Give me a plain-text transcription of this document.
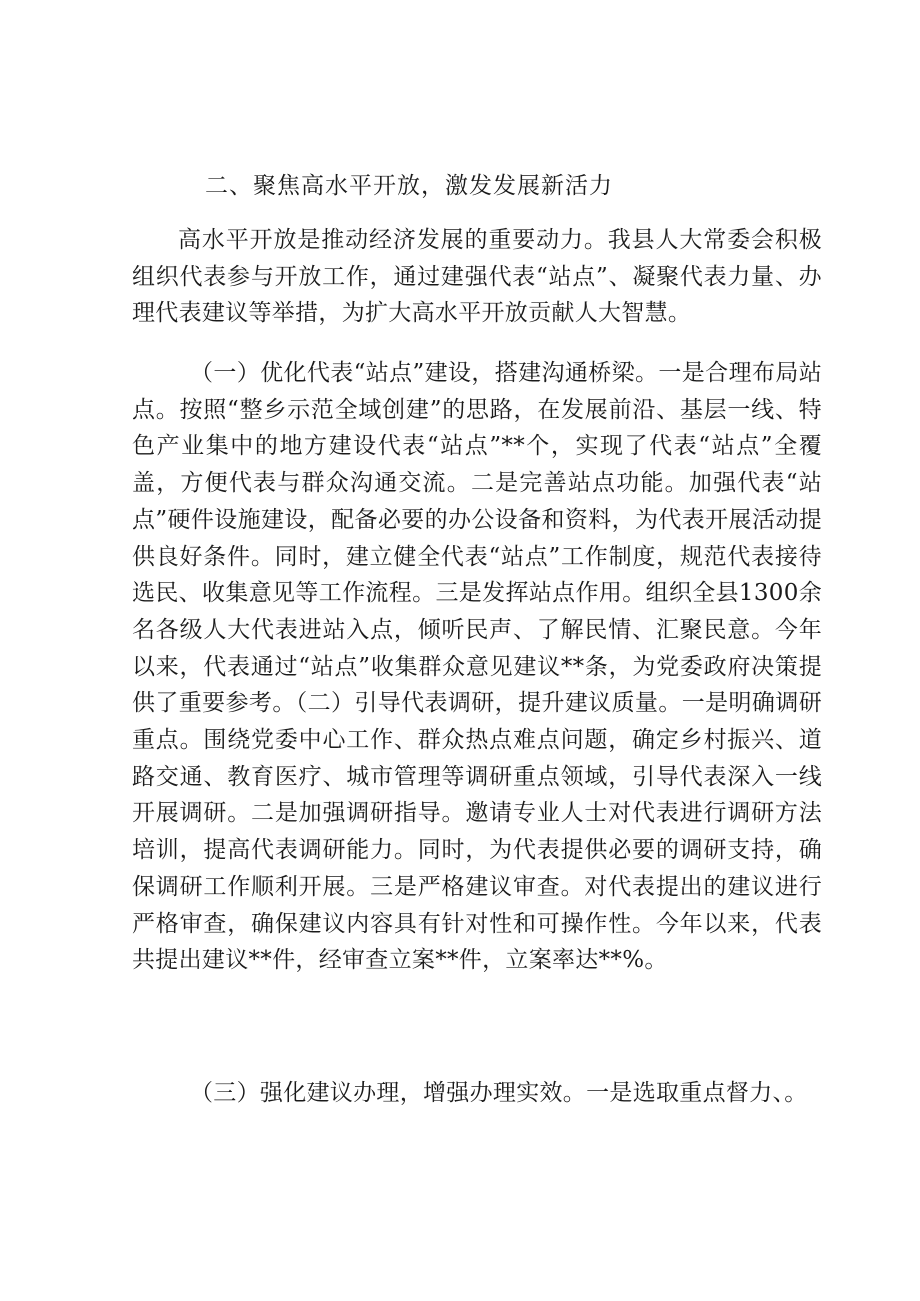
二、聚焦高水平开放，激发发展新活力

高水平开放是推动经济发展的重要动力。我县人大常委会积极组织代表参与开放工作，通过建强代表“站点”、凝聚代表力量、办理代表建议等举措，为扩大高水平开放贡献人大智慧。

（一）优化代表“站点”建设，搭建沟通桥梁。一是合理布局站点。按照“整乡示范全域创建”的思路，在发展前沿、基层一线、特色产业集中的地方建设代表“站点”**个，实现了代表“站点”全覆盖，方便代表与群众沟通交流。二是完善站点功能。加强代表“站点”硬件设施建设，配备必要的办公设备和资料，为代表开展活动提供良好条件。同时，建立健全代表“站点”工作制度，规范代表接待选民、收集意见等工作流程。三是发挥站点作用。组织全县1300余名各级人大代表进站入点，倾听民声、了解民情、汇聚民意。今年以来，代表通过“站点”收集群众意见建议**条，为党委政府决策提供了重要参考。（二）引导代表调研，提升建议质量。一是明确调研重点。围绕党委中心工作、群众热点难点问题，确定乡村振兴、道路交通、教育医疗、城市管理等调研重点领域，引导代表深入一线开展调研。二是加强调研指导。邀请专业人士对代表进行调研方法培训，提高代表调研能力。同时，为代表提供必要的调研支持，确保调研工作顺利开展。三是严格建议审查。对代表提出的建议进行严格审查，确保建议内容具有针对性和可操作性。今年以来，代表共提出建议**件，经审查立案**件，立案率达**%。

（三）强化建议办理，增强办理实效。一是选取重点督力、。
